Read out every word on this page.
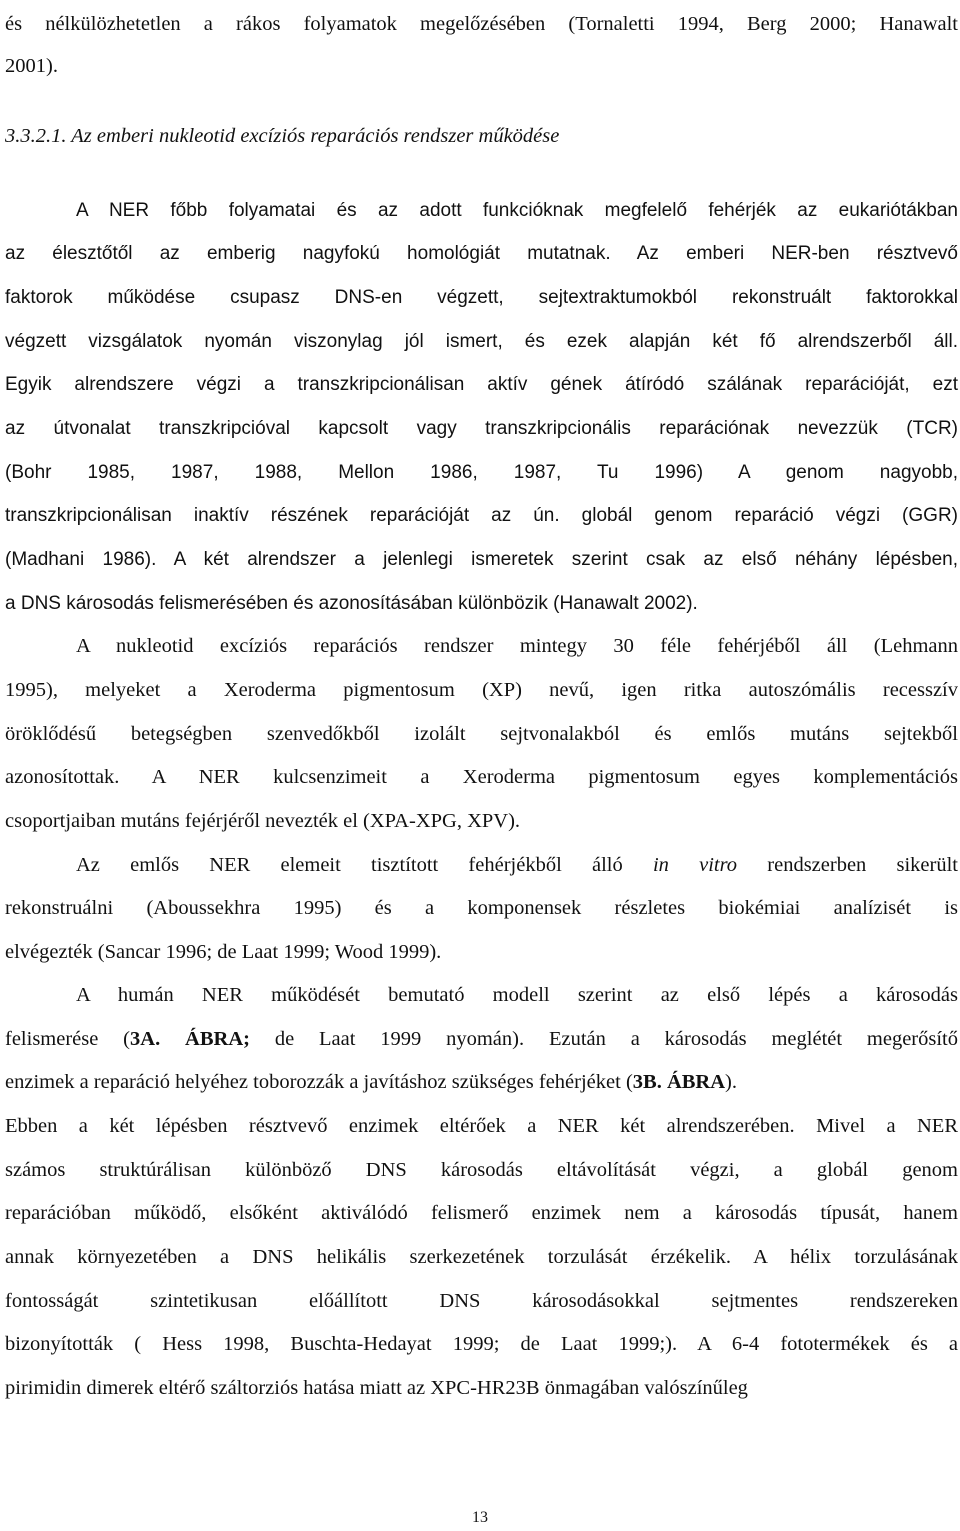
és nélkülözhetetlen a rákos folyamatok megelőzésében (Tornaletti 1994, Berg 2000; Hanawalt
2001).
3.3.2.1. Az emberi nukleotid excíziós reparációs rendszer működése
A NER főbb folyamatai és az adott funkcióknak megfelelő fehérjék az eukariótákban
az élesztőtől az emberig nagyfokú homológiát mutatnak. Az emberi NER-ben résztvevő
faktorok működése csupasz DNS-en végzett, sejtextraktumokból rekonstruált faktorokkal
végzett vizsgálatok nyomán viszonylag jól ismert, és ezek alapján két fő alrendszerből áll.
Egyik alrendszere végzi a transzkripcionálisan aktív gének átíródó szálának reparációját, ezt
az útvonalat transzkripcióval kapcsolt vagy transzkripcionális reparációnak nevezzük (TCR)
(Bohr 1985, 1987, 1988, Mellon 1986, 1987, Tu 1996) A genom nagyobb,
transzkripcionálisan inaktív részének reparációját az ún. globál genom reparáció végzi (GGR)
(Madhani 1986). A két alrendszer a jelenlegi ismeretek szerint csak az első néhány lépésben,
a DNS károsodás felismerésében és azonosításában különbözik (Hanawalt 2002).
A nukleotid excíziós reparációs rendszer mintegy 30 féle fehérjéből áll (Lehmann
1995), melyeket a Xeroderma pigmentosum (XP) nevű, igen ritka autoszómális recesszív
öröklődésű betegségben szenvedőkből izolált sejtvonalakból és emlős mutáns sejtekből
azonosítottak. A NER kulcsenzimeit a Xeroderma pigmentosum egyes komplementációs
csoportjaiban mutáns fejérjéről nevezték el (XPA-XPG, XPV).
Az emlős NER elemeit tisztított fehérjékből álló in vitro rendszerben sikerült
rekonstruálni (Aboussekhra 1995) és a komponensek részletes biokémiai analízisét is
elvégezték (Sancar 1996; de Laat 1999; Wood 1999).
A humán NER működését bemutató modell szerint az első lépés a károsodás
felismerése (3A. ÁBRA; de Laat 1999 nyomán). Ezután a károsodás meglétét megerősítő
enzimek a reparáció helyéhez toborozzák a javításhoz szükséges fehérjéket (3B. ÁBRA).
Ebben a két lépésben résztvevő enzimek eltérőek a NER két alrendszerében. Mivel a NER
számos struktúrálisan különböző DNS károsodás eltávolítását végzi, a globál genom
reparációban működő, elsőként aktiválódó felismerő enzimek nem a károsodás típusát, hanem
annak környezetében a DNS helikális szerkezetének torzulását érzékelik. A hélix torzulásának
fontosságát szintetikusan előállított DNS károsodásokkal sejtmentes rendszereken
bizonyították ( Hess 1998, Buschta-Hedayat 1999; de Laat 1999;). A 6-4 fototermékek és a
pirimidin dimerek eltérő száltorziós hatása miatt az XPC-HR23B önmagában valószínűleg
13
